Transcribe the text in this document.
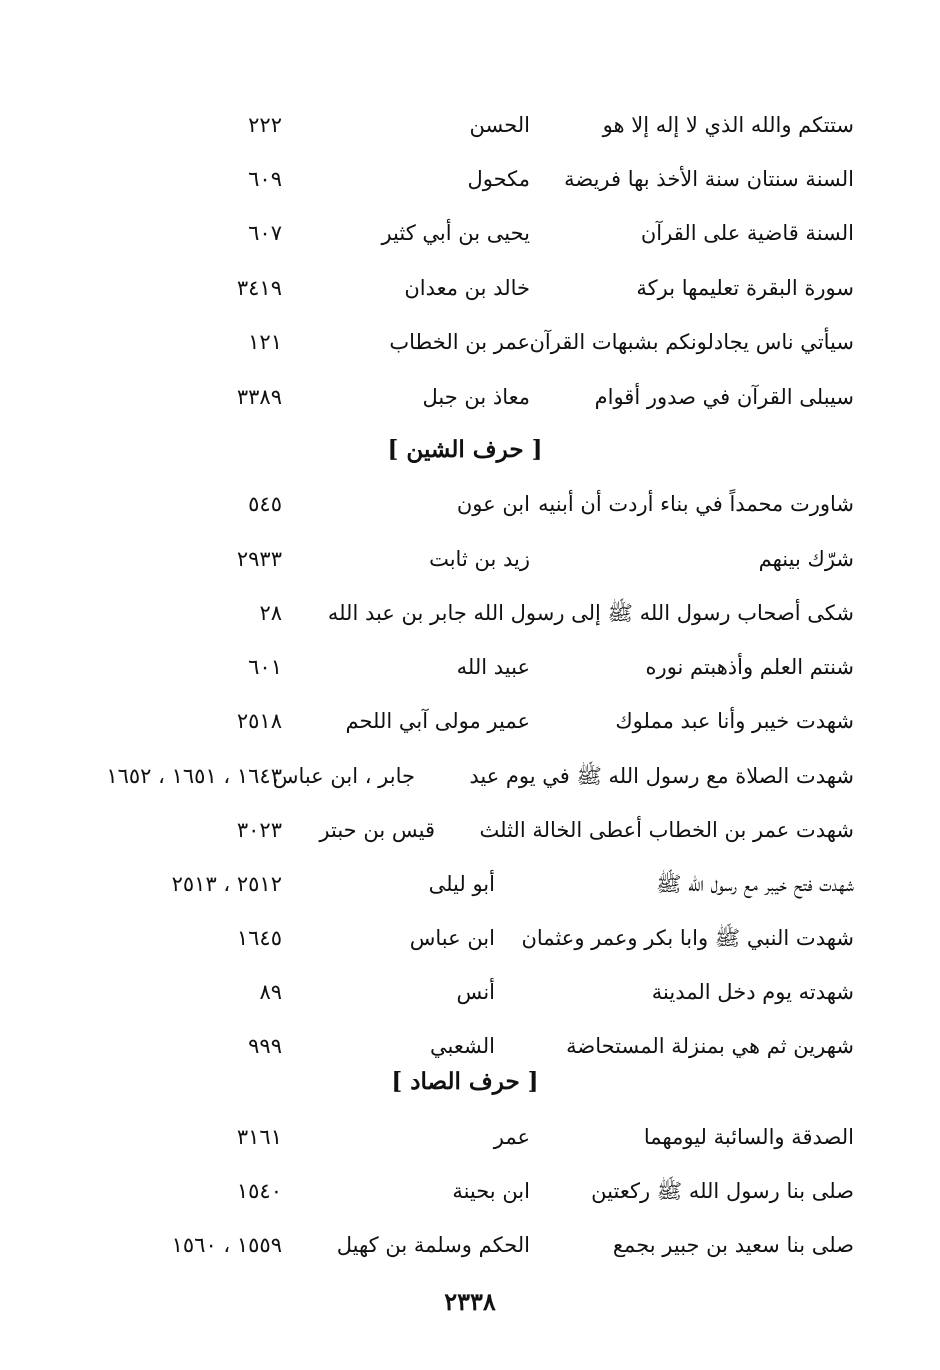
ستتكم والله الذي لا إله إلا هو
الحسن
٢٢٢
السنة سنتان سنة الأخذ بها فريضة
مكحول
٦٠٩
السنة قاضية على القرآن
يحيى بن أبي كثير
٦٠٧
سورة البقرة تعليمها بركة
خالد بن معدان
٣٤١٩
سيأتي ناس يجادلونكم بشبهات القرآن
عمر بن الخطاب
١٢١
سيبلى القرآن في صدور أقوام
معاذ بن جبل
٣٣٨٩
[ حرف الشين ]
شاورت محمداً في بناء أردت أن أبنيه
ابن عون
٥٤٥
شرّك بينهم
زيد بن ثابت
٢٩٣٣
شكى أصحاب رسول الله ﷺ إلى رسول الله جابر بن عبد الله
٢٨
شنتم العلم وأذهبتم نوره
عبيد الله
٦٠١
شهدت خيبر وأنا عبد مملوك
عمير مولى آبي اللحم
٢٥١٨
شهدت الصلاة مع رسول الله ﷺ في يوم عيد
جابر ، ابن عباس
١٦٤٣ ، ١٦٥١ ، ١٦٥٢
شهدت عمر بن الخطاب أعطى الخالة الثلث
قيس بن حبتر
٣٠٢٣
شهدت فتح خيبر مع رسول الله ﷺ
أبو ليلى
٢٥١٢ ، ٢٥١٣
شهدت النبي ﷺ وابا بكر وعمر وعثمان
ابن عباس
١٦٤٥
شهدته يوم دخل المدينة
أنس
٨٩
شهرين ثم هي بمنزلة المستحاضة
الشعبي
٩٩٩
[ حرف الصاد ]
الصدقة والسائبة ليومهما
عمر
٣١٦١
صلى بنا رسول الله ﷺ ركعتين
ابن بحينة
١٥٤٠
صلى بنا سعيد بن جبير بجمع
الحكم وسلمة بن كهيل
١٥٥٩ ، ١٥٦٠
٢٣٣٨
